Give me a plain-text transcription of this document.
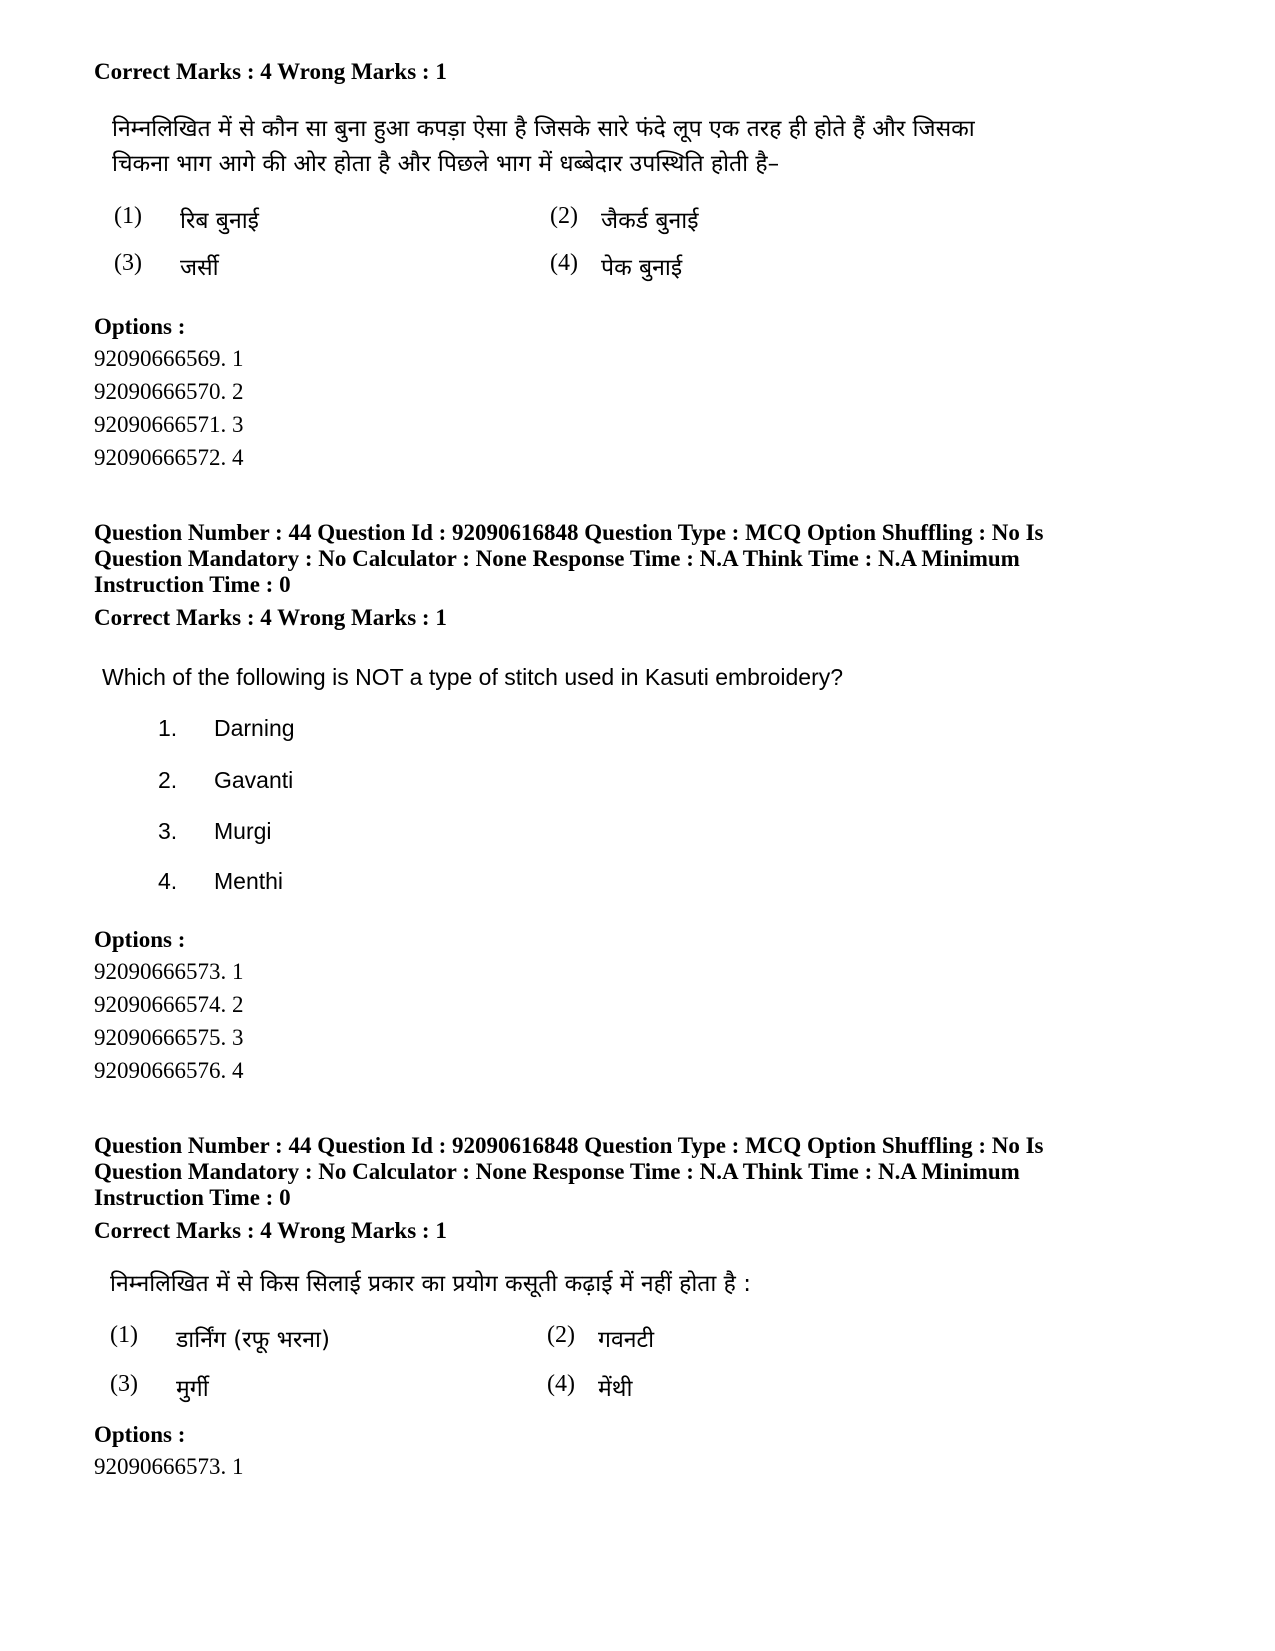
Correct Marks : 4 Wrong Marks : 1
निम्नलिखित में से कौन सा बुना हुआ कपड़ा ऐसा है जिसके सारे फंदे लूप एक तरह ही होते हैं और जिसका
चिकना भाग आगे की ओर होता है और पिछले भाग में धब्बेदार उपस्थिति होती है–
(1) रिब बुनाई	(2) जैकर्ड बुनाई
(3) जर्सी	(4) पेक बुनाई
Options :
92090666569. 1
92090666570. 2
92090666571. 3
92090666572. 4
Question Number : 44 Question Id : 92090616848 Question Type : MCQ Option Shuffling : No Is
Question Mandatory : No Calculator : None Response Time : N.A Think Time : N.A Minimum
Instruction Time : 0
Correct Marks : 4 Wrong Marks : 1
Which of the following is NOT a type of stitch used in Kasuti embroidery?
1. Darning
2. Gavanti
3. Murgi
4. Menthi
Options :
92090666573. 1
92090666574. 2
92090666575. 3
92090666576. 4
Question Number : 44 Question Id : 92090616848 Question Type : MCQ Option Shuffling : No Is
Question Mandatory : No Calculator : None Response Time : N.A Think Time : N.A Minimum
Instruction Time : 0
Correct Marks : 4 Wrong Marks : 1
निम्नलिखित में से किस सिलाई प्रकार का प्रयोग कसूती कढ़ाई में नहीं होता है :
(1) डार्निंग (रफू भरना)	(2) गवनटी
(3) मुर्गी	(4) मेंथी
Options :
92090666573. 1
